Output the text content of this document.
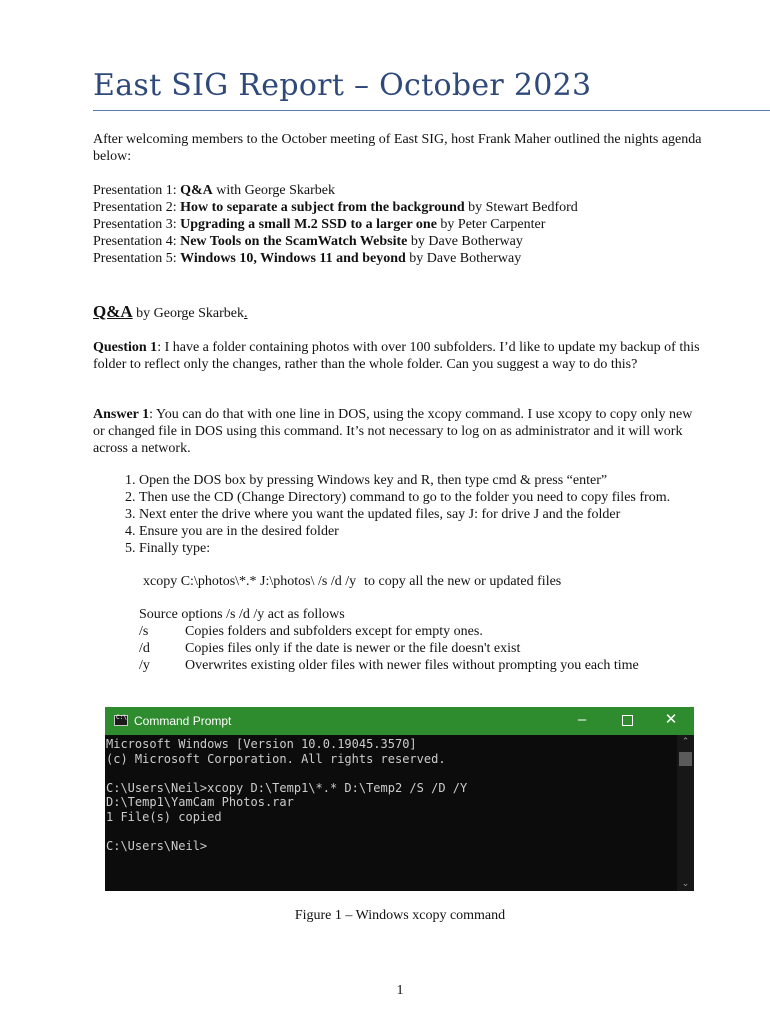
East SIG Report – October 2023

After welcoming members to the October meeting of East SIG, host Frank Maher outlined the nights agenda below:

Presentation 1: Q&A with George Skarbek
Presentation 2: How to separate a subject from the background by Stewart Bedford
Presentation 3: Upgrading a small M.2 SSD to a larger one by Peter Carpenter
Presentation 4: New Tools on the ScamWatch Website by Dave Botherway
Presentation 5: Windows 10, Windows 11 and beyond by Dave Botherway
Q&A by George Skarbek.

Question 1: I have a folder containing photos with over 100 subfolders. I’d like to update my backup of this folder to reflect only the changes, rather than the whole folder. Can you suggest a way to do this?

Answer 1: You can do that with one line in DOS, using the xcopy command. I use xcopy to copy only new or changed file in DOS using this command. It’s not necessary to log on as administrator and it will work across a network.

1. Open the DOS box by pressing Windows key and R, then type cmd & press “enter”
2. Then use the CD (Change Directory) command to go to the folder you need to copy files from.
3. Next enter the drive where you want the updated files, say J: for drive J and the folder
4. Ensure you are in the desired folder
5. Finally type:
xcopy C:\photos\*.* J:\photos\ /s /d /y to copy all the new or updated files
Source options /s /d /y act as follows
/s	Copies folders and subfolders except for empty ones.
/d	Copies files only if the date is newer or the file doesn't exist
/y	Overwrites existing older files with newer files without prompting you each time
C:\
Command Prompt	–	✕
Microsoft Windows [Version 10.0.19045.3570]
(c) Microsoft Corporation. All rights reserved.

C:\Users\Neil>xcopy D:\Temp1\*.* D:\Temp2 /S /D /Y
D:\Temp1\YamCam Photos.rar
1 File(s) copied

C:\Users\Neil>
⌃
⌄
Figure 1 – Windows xcopy command
1
